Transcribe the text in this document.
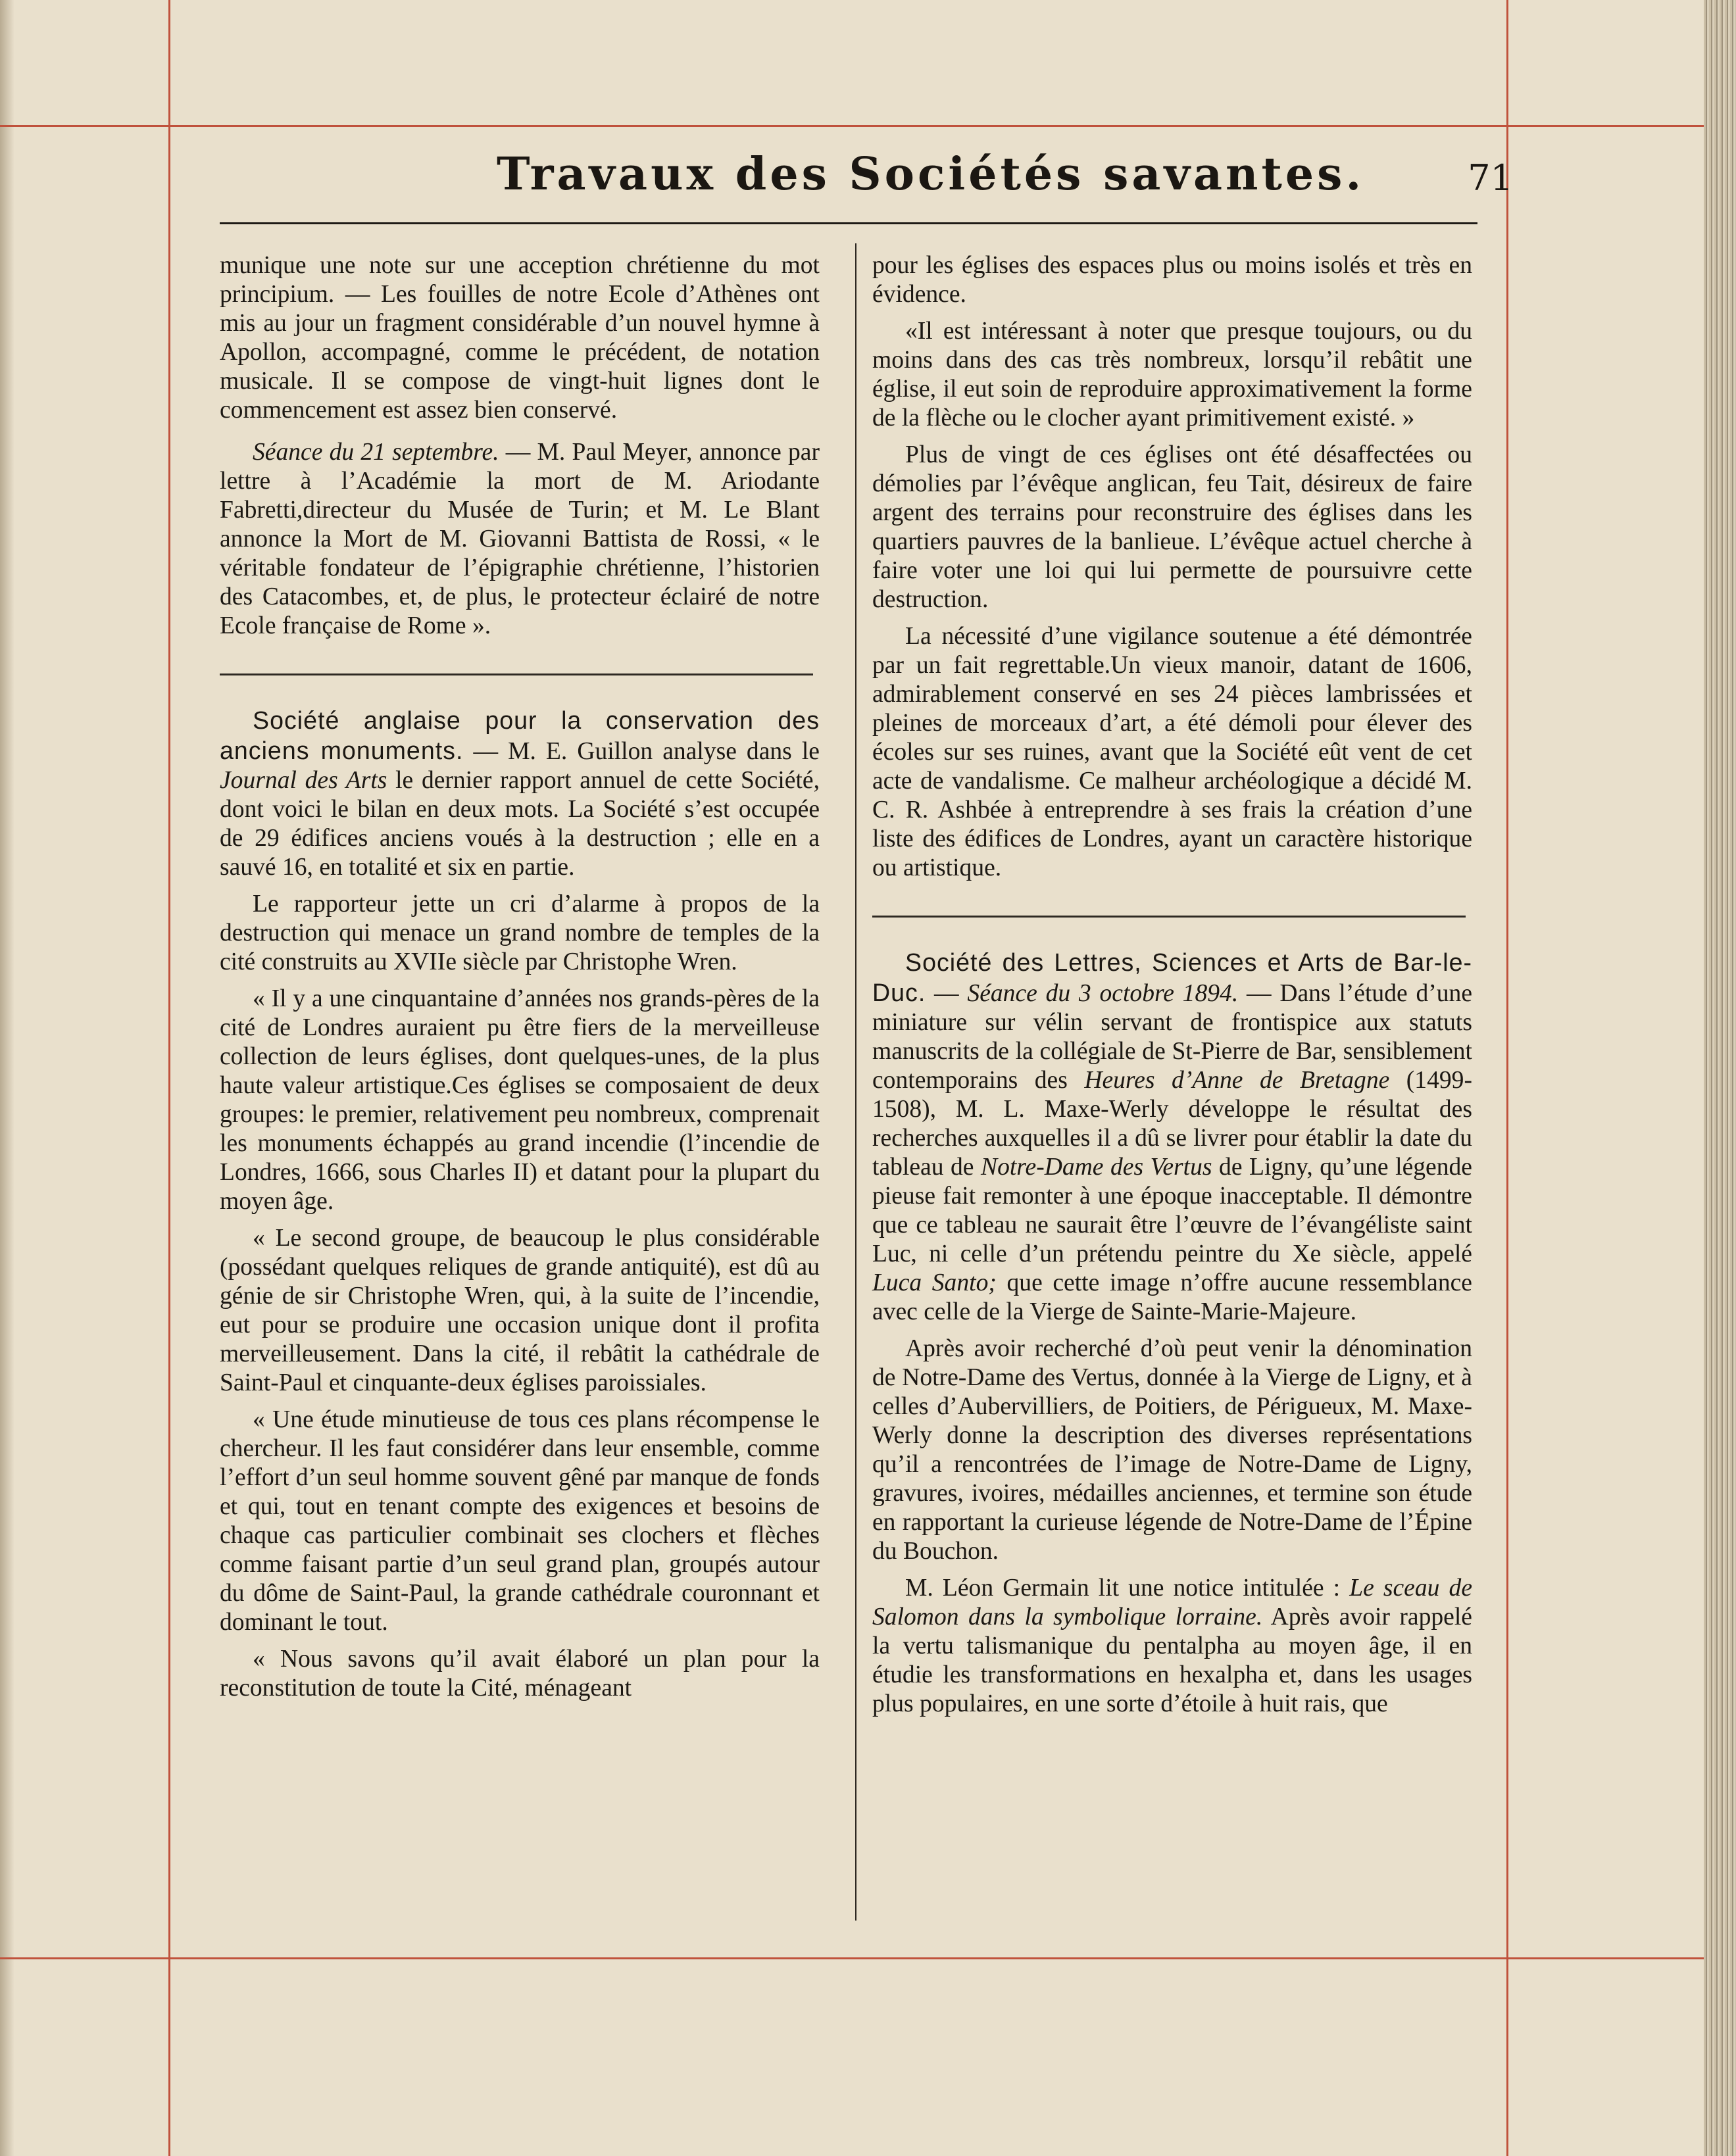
Travaux des Sociétés savantes.	71

munique une note sur une acception chrétienne du mot principium. — Les fouilles de notre Ecole d’Athènes ont mis au jour un fragment considérable d’un nouvel hymne à Apollon, accompagné, comme le précédent, de notation musicale. Il se compose de vingt-huit lignes dont le commencement est assez bien conservé.

Séance du 21 septembre. — M. Paul Meyer, annonce par lettre à l’Académie la mort de M. Ariodante Fabretti,directeur du Musée de Turin; et M. Le Blant annonce la Mort de M. Giovanni Battista de Rossi, « le véritable fondateur de l’épigraphie chrétienne, l’historien des Catacombes, et, de plus, le protecteur éclairé de notre Ecole française de Rome ».

Société anglaise pour la conservation des anciens monuments. — M. E. Guillon analyse dans le Journal des Arts le dernier rapport annuel de cette Société, dont voici le bilan en deux mots. La Société s’est occupée de 29 édifices anciens voués à la destruction ; elle en a sauvé 16, en totalité et six en partie.

Le rapporteur jette un cri d’alarme à propos de la destruction qui menace un grand nombre de temples de la cité construits au XVIIe siècle par Christophe Wren.

« Il y a une cinquantaine d’années nos grands-pères de la cité de Londres auraient pu être fiers de la merveilleuse collection de leurs églises, dont quelques-unes, de la plus haute valeur artistique.Ces églises se composaient de deux groupes: le premier, relativement peu nombreux, comprenait les monuments échappés au grand incendie (l’incendie de Londres, 1666, sous Charles II) et datant pour la plupart du moyen âge.

« Le second groupe, de beaucoup le plus considérable (possédant quelques reliques de grande antiquité), est dû au génie de sir Christophe Wren, qui, à la suite de l’incendie, eut pour se produire une occasion unique dont il profita merveilleusement. Dans la cité, il rebâtit la cathédrale de Saint-Paul et cinquante-deux églises paroissiales.

« Une étude minutieuse de tous ces plans récompense le chercheur. Il les faut considérer dans leur ensemble, comme l’effort d’un seul homme souvent gêné par manque de fonds et qui, tout en tenant compte des exigences et besoins de chaque cas particulier combinait ses clochers et flèches comme faisant partie d’un seul grand plan, groupés autour du dôme de Saint-Paul, la grande cathédrale couronnant et dominant le tout.

« Nous savons qu’il avait élaboré un plan pour la reconstitution de toute la Cité, ménageant

pour les églises des espaces plus ou moins isolés et très en évidence.

«Il est intéressant à noter que presque toujours, ou du moins dans des cas très nombreux, lorsqu’il rebâtit une église, il eut soin de reproduire approximativement la forme de la flèche ou le clocher ayant primitivement existé. »

Plus de vingt de ces églises ont été désaffectées ou démolies par l’évêque anglican, feu Tait, désireux de faire argent des terrains pour reconstruire des églises dans les quartiers pauvres de la banlieue. L’évêque actuel cherche à faire voter une loi qui lui permette de poursuivre cette destruction.

La nécessité d’une vigilance soutenue a été démontrée par un fait regrettable.Un vieux manoir, datant de 1606, admirablement conservé en ses 24 pièces lambrissées et pleines de morceaux d’art, a été démoli pour élever des écoles sur ses ruines, avant que la Société eût vent de cet acte de vandalisme. Ce malheur archéologique a décidé M. C. R. Ashbée à entreprendre à ses frais la création d’une liste des édifices de Londres, ayant un caractère historique ou artistique.

Société des Lettres, Sciences et Arts de Bar-le-Duc. — Séance du 3 octobre 1894. — Dans l’étude d’une miniature sur vélin servant de frontispice aux statuts manuscrits de la collégiale de St-Pierre de Bar, sensiblement contemporains des Heures d’Anne de Bretagne (1499-1508), M. L. Maxe-Werly développe le résultat des recherches auxquelles il a dû se livrer pour établir la date du tableau de Notre-Dame des Vertus de Ligny, qu’une légende pieuse fait remonter à une époque inacceptable. Il démontre que ce tableau ne saurait être l’œuvre de l’évangéliste saint Luc, ni celle d’un prétendu peintre du Xe siècle, appelé Luca Santo; que cette image n’offre aucune ressemblance avec celle de la Vierge de Sainte-Marie-Majeure.

Après avoir recherché d’où peut venir la dénomination de Notre-Dame des Vertus, donnée à la Vierge de Ligny, et à celles d’Aubervilliers, de Poitiers, de Périgueux, M. Maxe-Werly donne la description des diverses représentations qu’il a rencontrées de l’image de Notre-Dame de Ligny, gravures, ivoires, médailles anciennes, et termine son étude en rapportant la curieuse légende de Notre-Dame de l’Épine du Bouchon.

M. Léon Germain lit une notice intitulée : Le sceau de Salomon dans la symbolique lorraine. Après avoir rappelé la vertu talismanique du pentalpha au moyen âge, il en étudie les transformations en hexalpha et, dans les usages plus populaires, en une sorte d’étoile à huit rais, que
